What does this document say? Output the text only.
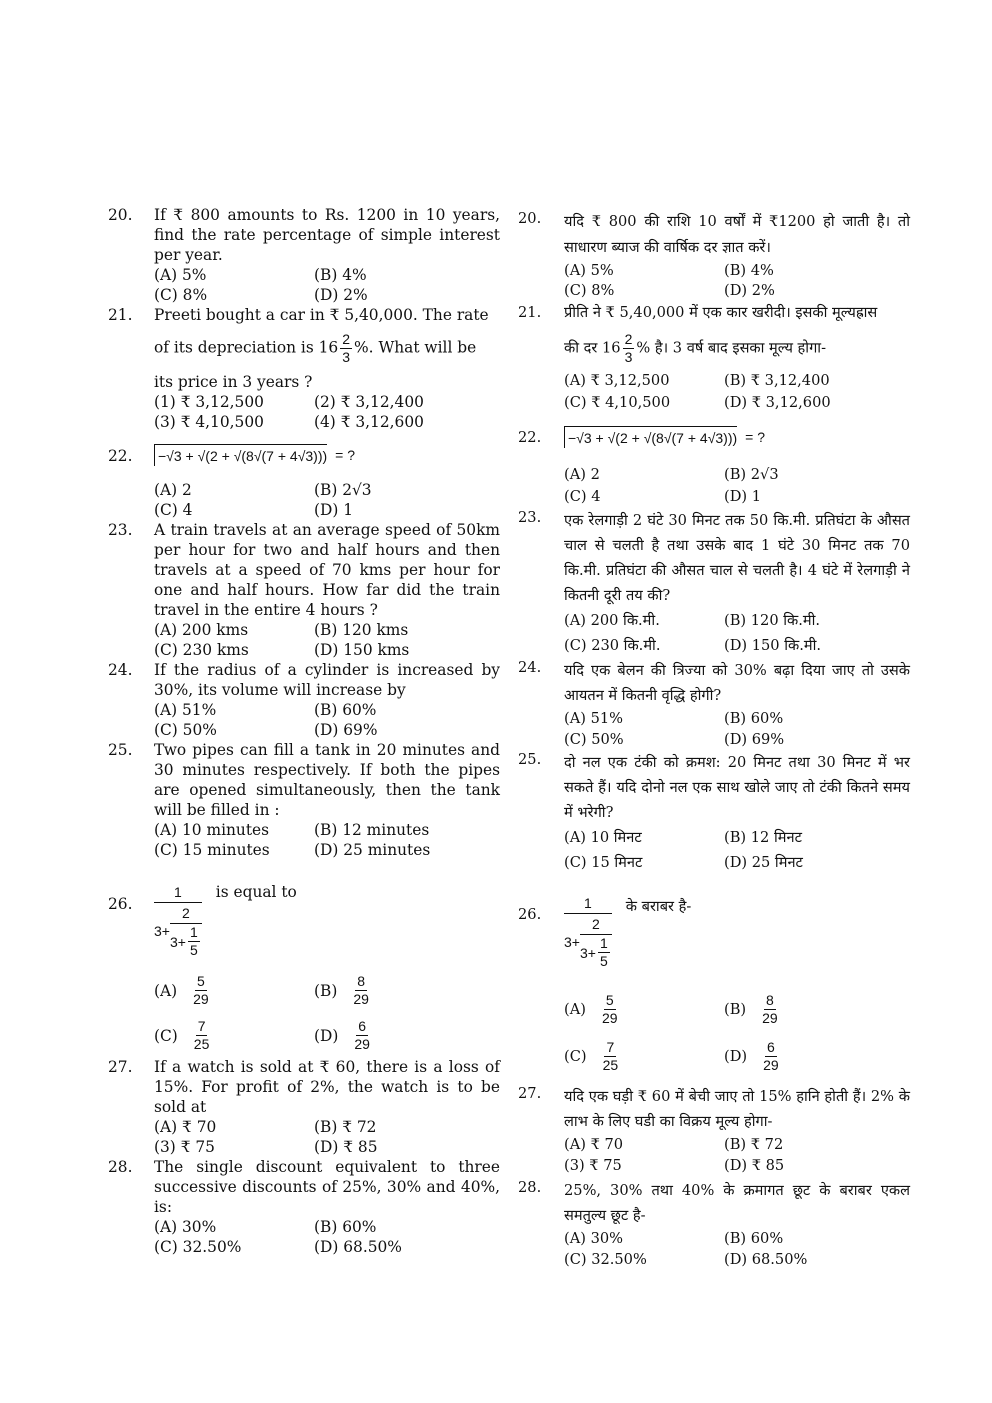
20. If ₹ 800 amounts to Rs. 1200 in 10 years, find the rate percentage of simple interest per year.
(A) 5%	(B) 4%
(C) 8%	(D) 2%
21. Preeti bought a car in ₹ 5,40,000. The rate
of its depreciation is $16 \frac{2}{3}$ %. What will be
its price in 3 years ?
(1) ₹ 3,12,500	(2) ₹ 3,12,400
(3) ₹ 4,10,500	(4) ₹ 3,12,600
22. −√3 + √(2 + √(8√(7 + 4√3))) = ?
(A) 2	(B) 2√3
(C) 4	(D) 1
23. A train travels at an average speed of 50km per hour for two and half hours and then travels at a speed of 70 kms per hour for one and half hours. How far did the train travel in the entire 4 hours ?
(A) 200 kms	(B) 120 kms
(C) 230 kms	(D) 150 kms
24. If the radius of a cylinder is increased by 30%, its volume will increase by
(A) 51%	(B) 60%
(C) 50%	(D) 69%
25. Two pipes can fill a tank in 20 minutes and 30 minutes respectively. If both the pipes are opened simultaneously, then the tank will be filled in :
(A) 10 minutes	(B) 12 minutes
(C) 15 minutes	(D) 25 minutes
26.
1
3 +
2
$3 + \frac{1}{5}$
is equal to
$(A) \frac{5}{29}$	$(B) \frac{8}{29}$
$(C) \frac{7}{25}$	$(D) \frac{6}{29}$
27. If a watch is sold at ₹ 60, there is a loss of 15%. For profit of 2%, the watch is to be sold at
(A) ₹ 70	(B) ₹ 72
(3) ₹ 75	(D) ₹ 85
28. The single discount equivalent to three successive discounts of 25%, 30% and 40%, is:
(A) 30%	(B) 60%
(C) 32.50%	(D) 68.50%
20. यदि ₹ 800 की राशि 10 वर्षों में ₹1200 हो जाती है। तो साधारण ब्याज की वार्षिक दर ज्ञात करें।
(A) 5%	(B) 4%
(C) 8%	(D) 2%
21. प्रीति ने ₹ 5,40,000 में एक कार खरीदी। इसकी मूल्यह्रास
की दर $16 \frac{2}{3}$ % है। 3 वर्ष बाद इसका मूल्य होगा-
(A) ₹ 3,12,500	(B) ₹ 3,12,400
(C) ₹ 4,10,500	(D) ₹ 3,12,600
22. −√3 + √(2 + √(8√(7 + 4√3))) = ?
(A) 2	(B) 2√3
(C) 4	(D) 1
23. एक रेलगाड़ी 2 घंटे 30 मिनट तक 50 कि.मी. प्रतिघंटा के औसत चाल से चलती है तथा उसके बाद 1 घंटे 30 मिनट तक 70 कि.मी. प्रतिघंटा की औसत चाल से चलती है। 4 घंटे में रेलगाड़ी ने कितनी दूरी तय की?
(A) 200 कि.मी.	(B) 120 कि.मी.
(C) 230 कि.मी.	(D) 150 कि.मी.
24. यदि एक बेलन की त्रिज्या को 30% बढ़ा दिया जाए तो उसके आयतन में कितनी वृद्धि होगी?
(A) 51%	(B) 60%
(C) 50%	(D) 69%
25. दो नल एक टंकी को क्रमश: 20 मिनट तथा 30 मिनट में भर सकते हैं। यदि दोनो नल एक साथ खोले जाए तो टंकी कितने समय में भरेगी?
(A) 10 मिनट	(B) 12 मिनट
(C) 15 मिनट	(D) 25 मिनट
26.
1
3 +
2
$3 + \frac{1}{5}$
के बराबर है-
$(A) \frac{5}{29}$	$(B) \frac{8}{29}$
$(C) \frac{7}{25}$	$(D) \frac{6}{29}$
27. यदि एक घड़ी ₹ 60 में बेची जाए तो 15% हानि होती हैं। 2% के लाभ के लिए घडी का विक्रय मूल्य होगा-
(A) ₹ 70	(B) ₹ 72
(3) ₹ 75	(D) ₹ 85
28. 25%, 30% तथा 40% के क्रमागत छूट के बराबर एकल समतुल्य छूट है-
(A) 30%	(B) 60%
(C) 32.50%	(D) 68.50%
